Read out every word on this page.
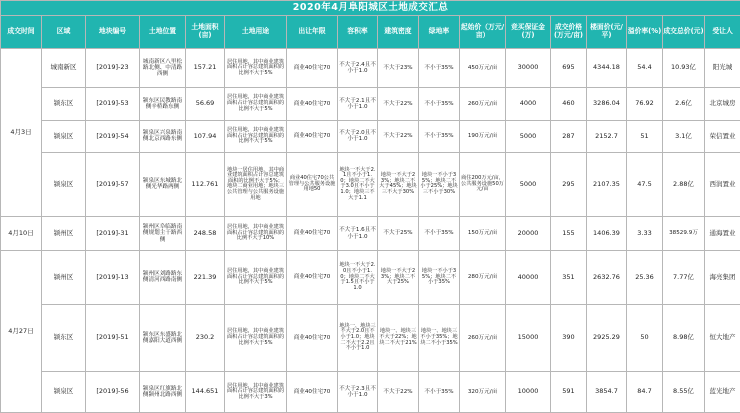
2020年4月阜阳城区土地成交汇总																
成交时间	区域	地块编号	土地位置	土地面积(亩)	土地用途	出让年限	容积率	建筑密度	绿地率	起始价（万元/亩）	竞买保证金(万)	成交价格(万元/亩)	楼面价(元/平)	溢价率(%)	成交总价(元)	受让人
4月3日	城南新区	[2019]-23	城南新区八里松路北侧、中清路西侧	157.21	居住用地，其中商业建筑面积占计容总建筑面积的比例不大于5%	商业40住宅70	不大于2.4且不小于1.0	不大于23%	不小于35%	450万元/亩	30000	695	4344.18	54.4	10.93亿	阳光城
	颍东区	[2019]-53	颍东区民教路南侧辛桥路东侧	56.69	居住用地，其中商业建筑面积占计容总建筑面积的比例不大于5%	商业40住宅70	不大于2.1且不小于1.0	不大于22%	不小于35%	260万元/亩	4000	460	3286.04	76.92	2.6亿	北京城房
	颍泉区	[2019]-54	颍泉区兴泉路南侧北京西路东侧	107.94	居住用地，其中商业建筑面积占计容总建筑面积的比例不大于5%	商业40住宅70	不大于2.0且不小于1.0	不大于22%	不小于35%	190万元/亩	5000	287	2152.7	51	3.1亿	荣信置业
	颍泉区	[2019]-57	颍泉区东城路北侧光华路两侧	112.761	地块一居住用地，其中商业建筑面积占计容总建筑面积的比例不大于5%；地块二商业用地；地块三公共管理与公共服务设施用地	商业40住宅70公共管理与公共服务设施用地50	地块一不大于2.1且不小于1.0；地块二不大于3.0且不小于1.0；地块三不大于1.1	地块一不大于23%；地块二不大于45%；地块三不大于30%	地块一不小于35%；地块二不小于25%；地块三不小于30%	商住200万元/亩，公共服务设施50万元/亩	5000	295	2107.35	47.5	2.88亿	西润置业
4月10日	颍州区	[2019]-31	颍州区阜临路南侧规划主干路西侧	248.58	居住用地，其中商业建筑面积占计容总建筑面积的比例不大于10%	商业40住宅70	不大于1.6且不小于1.0	不大于25%	不小于35%	150万元/亩	20000	155	1406.39	3.33	38529.9万	通海置业
4月27日	颍州区	[2019]-13	颍州区刘路路东侧清河西路南侧	221.39	居住用地，其中商业建筑面积占计容总建筑面积的比例不大于5%	商业40住宅70	地块一不大于2.0且不小于1.0；地块二不大于1.5且不小于1.0	地块一不大于23%；地块二不大于25%	地块一不小于35%；地块二不小于35%	280万元/亩	40000	351	2632.76	25.36	7.77亿	海亮集团
	颍东区	[2019]-51	颍东区东盛路北侧嘉阳大道西侧	230.2	居住用地，其中商业建筑面积占计容总建筑面积的比例不大于5%	商业40住宅70	地块一、地块三不大于2.0且不小于1.0；地块二不大于2.2且不小于1.0	地块一、地块三不大于22%；地块二不大于21%	地块一、地块三不小于35%；地块二不小于35%	260万元/亩	15000	390	2925.29	50	8.98亿	恒大地产
	颍泉区	[2019]-56	颍泉区红旗路北侧颍州北路西侧	144.651	居住用地，其中商业建筑面积占计容总建筑面积的比例不大于3%	商业40住宅70	不大于2.3且不小于1.0	不大于22%	不小于35%	320万元/亩	10000	591	3854.7	84.7	8.55亿	蓝光地产
